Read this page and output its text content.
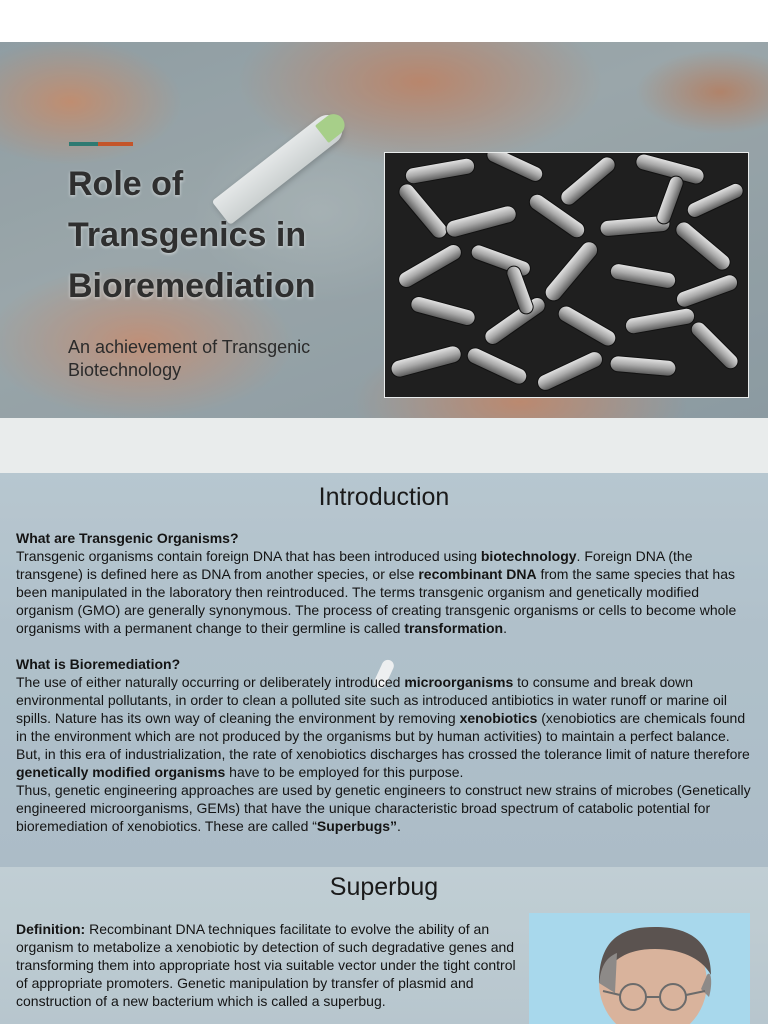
Role of Transgenics in Bioremediation

An achievement of Transgenic Biotechnology

Introduction

What are Transgenic Organisms?

Transgenic organisms contain foreign DNA that has been introduced using biotechnology. Foreign DNA (the transgene) is defined here as DNA from another species, or else recombinant DNA from the same species that has been manipulated in the laboratory then reintroduced. The terms transgenic organism and genetically modified organism (GMO) are generally synonymous. The process of creating transgenic organisms or cells to become whole organisms with a permanent change to their germline is called transformation.

What is Bioremediation?

The use of either naturally occurring or deliberately introduced microorganisms to consume and break down environmental pollutants, in order to clean a polluted site such as introduced antibiotics in water runoff or marine oil spills. Nature has its own way of cleaning the environment by removing xenobiotics (xenobiotics are chemicals found in the environment which are not produced by the organisms but by human activities) to maintain a perfect balance. But, in this era of industrialization, the rate of xenobiotics discharges has crossed the tolerance limit of nature therefore genetically modified organisms have to be employed for this purpose.

Thus, genetic engineering approaches are used by genetic engineers to construct new strains of microbes (Genetically engineered microorganisms, GEMs) that have the unique characteristic broad spectrum of catabolic potential for bioremediation of xenobiotics. These are called “Superbugs”.

Superbug

Definition: Recombinant DNA techniques facilitate to evolve the ability of an organism to metabolize a xenobiotic by detection of such degradative genes and transforming them into appropriate host via suitable vector under the tight control of appropriate promoters. Genetic manipulation by transfer of plasmid and construction of a new bacterium which is called a superbug.
